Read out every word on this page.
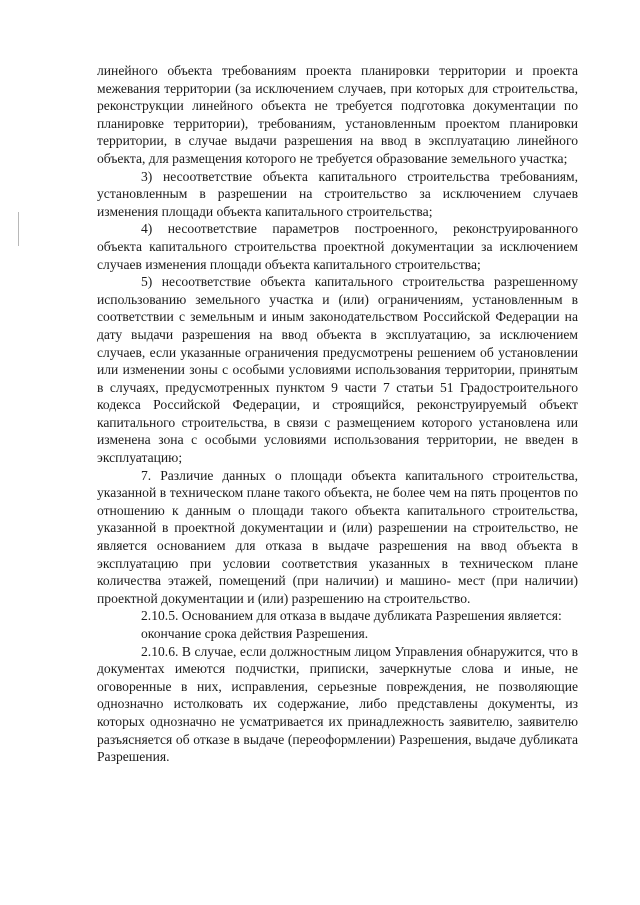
линейного объекта требованиям проекта планировки территории и проекта межевания территории (за исключением случаев, при которых для строительства, реконструкции линейного объекта не требуется подготовка документации по планировке территории), требованиям, установленным проектом планировки территории, в случае выдачи разрешения на ввод в эксплуатацию линейного объекта, для размещения которого не требуется образование земельного участка;

3) несоответствие объекта капитального строительства требованиям, установленным в разрешении на строительство за исключением случаев изменения площади объекта капитального строительства;

4) несоответствие параметров построенного, реконструированного объекта капитального строительства проектной документации за исключением случаев изменения площади объекта капитального строительства;

5) несоответствие объекта капитального строительства разрешенному использованию земельного участка и (или) ограничениям, установленным в соответствии с земельным и иным законодательством Российской Федерации на дату выдачи разрешения на ввод объекта в эксплуатацию, за исключением случаев, если указанные ограничения предусмотрены решением об установлении или изменении зоны с особыми условиями использования территории, принятым в случаях, предусмотренных пунктом 9 части 7 статьи 51 Градостроительного кодекса Российской Федерации, и строящийся, реконструируемый объект капитального строительства, в связи с размещением которого установлена или изменена зона с особыми условиями использования территории, не введен в эксплуатацию;

7. Различие данных о площади объекта капитального строительства, указанной в техническом плане такого объекта, не более чем на пять процентов по отношению к данным о площади такого объекта капитального строительства, указанной в проектной документации и (или) разрешении на строительство, не является основанием для отказа в выдаче разрешения на ввод объекта в эксплуатацию при условии соответствия указанных в техническом плане количества этажей, помещений (при наличии) и машино- мест (при наличии) проектной документации и (или) разрешению на строительство.

2.10.5. Основанием для отказа в выдаче дубликата Разрешения является:

окончание срока действия Разрешения.

2.10.6. В случае, если должностным лицом Управления обнаружится, что в документах имеются подчистки, приписки, зачеркнутые слова и иные, не оговоренные в них, исправления, серьезные повреждения, не позволяющие однозначно истолковать их содержание, либо представлены документы, из которых однозначно не усматривается их принадлежность заявителю, заявителю разъясняется об отказе в выдаче (переоформлении) Разрешения, выдаче дубликата Разрешения.
